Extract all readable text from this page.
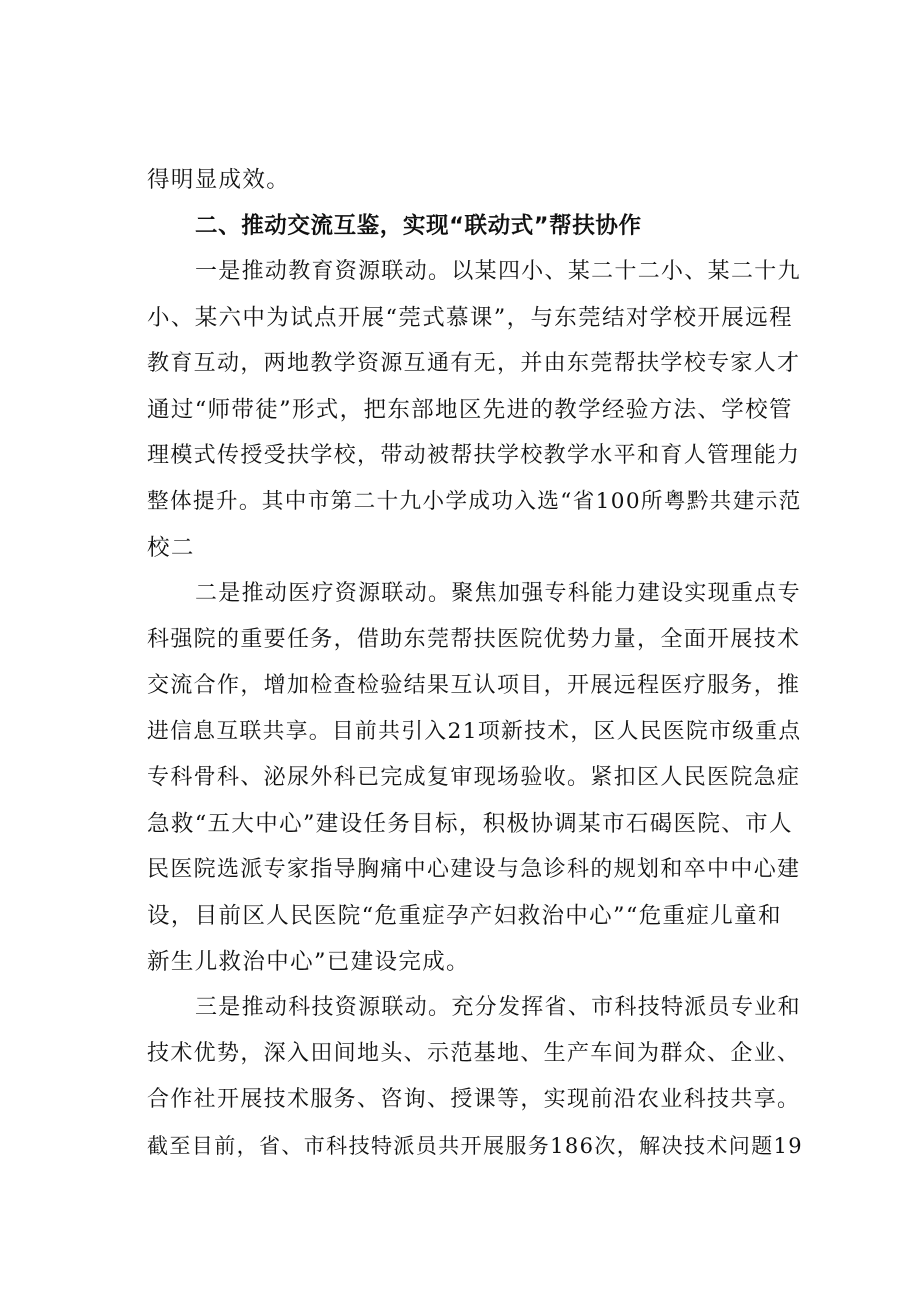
得明显成效。
二、推动交流互鉴，实现“联动式”帮扶协作
一是推动教育资源联动。以某四小、某二十二小、某二十九
小、某六中为试点开展“莞式慕课”，与东莞结对学校开展远程
教育互动，两地教学资源互通有无，并由东莞帮扶学校专家人才
通过“师带徒”形式，把东部地区先进的教学经验方法、学校管
理模式传授受扶学校，带动被帮扶学校教学水平和育人管理能力
整体提升。其中市第二十九小学成功入选“省100所粤黔共建示范
校二
二是推动医疗资源联动。聚焦加强专科能力建设实现重点专
科强院的重要任务，借助东莞帮扶医院优势力量，全面开展技术
交流合作，增加检查检验结果互认项目，开展远程医疗服务，推
进信息互联共享。目前共引入21项新技术，区人民医院市级重点
专科骨科、泌尿外科已完成复审现场验收。紧扣区人民医院急症
急救“五大中心”建设任务目标，积极协调某市石碣医院、市人
民医院选派专家指导胸痛中心建设与急诊科的规划和卒中中心建
设，目前区人民医院“危重症孕产妇救治中心”“危重症儿童和
新生儿救治中心”已建设完成。
三是推动科技资源联动。充分发挥省、市科技特派员专业和
技术优势，深入田间地头、示范基地、生产车间为群众、企业、
合作社开展技术服务、咨询、授课等，实现前沿农业科技共享。
截至目前，省、市科技特派员共开展服务186次，解决技术问题19
